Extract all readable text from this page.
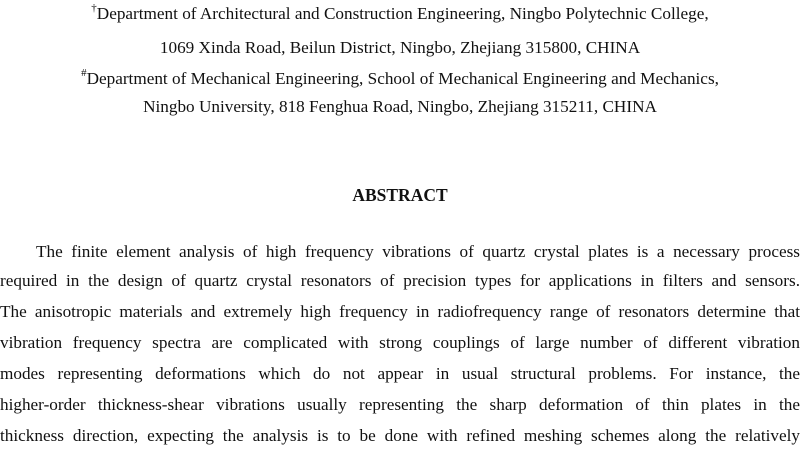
†Department of Architectural and Construction Engineering, Ningbo Polytechnic College,
1069 Xinda Road, Beilun District, Ningbo, Zhejiang 315800, CHINA
#Department of Mechanical Engineering, School of Mechanical Engineering and Mechanics,
Ningbo University, 818 Fenghua Road, Ningbo, Zhejiang 315211, CHINA
ABSTRACT
The finite element analysis of high frequency vibrations of quartz crystal plates is a necessary process
required in the design of quartz crystal resonators of precision types for applications in filters and sensors.
The anisotropic materials and extremely high frequency in radiofrequency range of resonators determine that
vibration frequency spectra are complicated with strong couplings of large number of different vibration
modes representing deformations which do not appear in usual structural problems. For instance, the
higher-order thickness-shear vibrations usually representing the sharp deformation of thin plates in the
thickness direction, expecting the analysis is to be done with refined meshing schemes along the relatively
